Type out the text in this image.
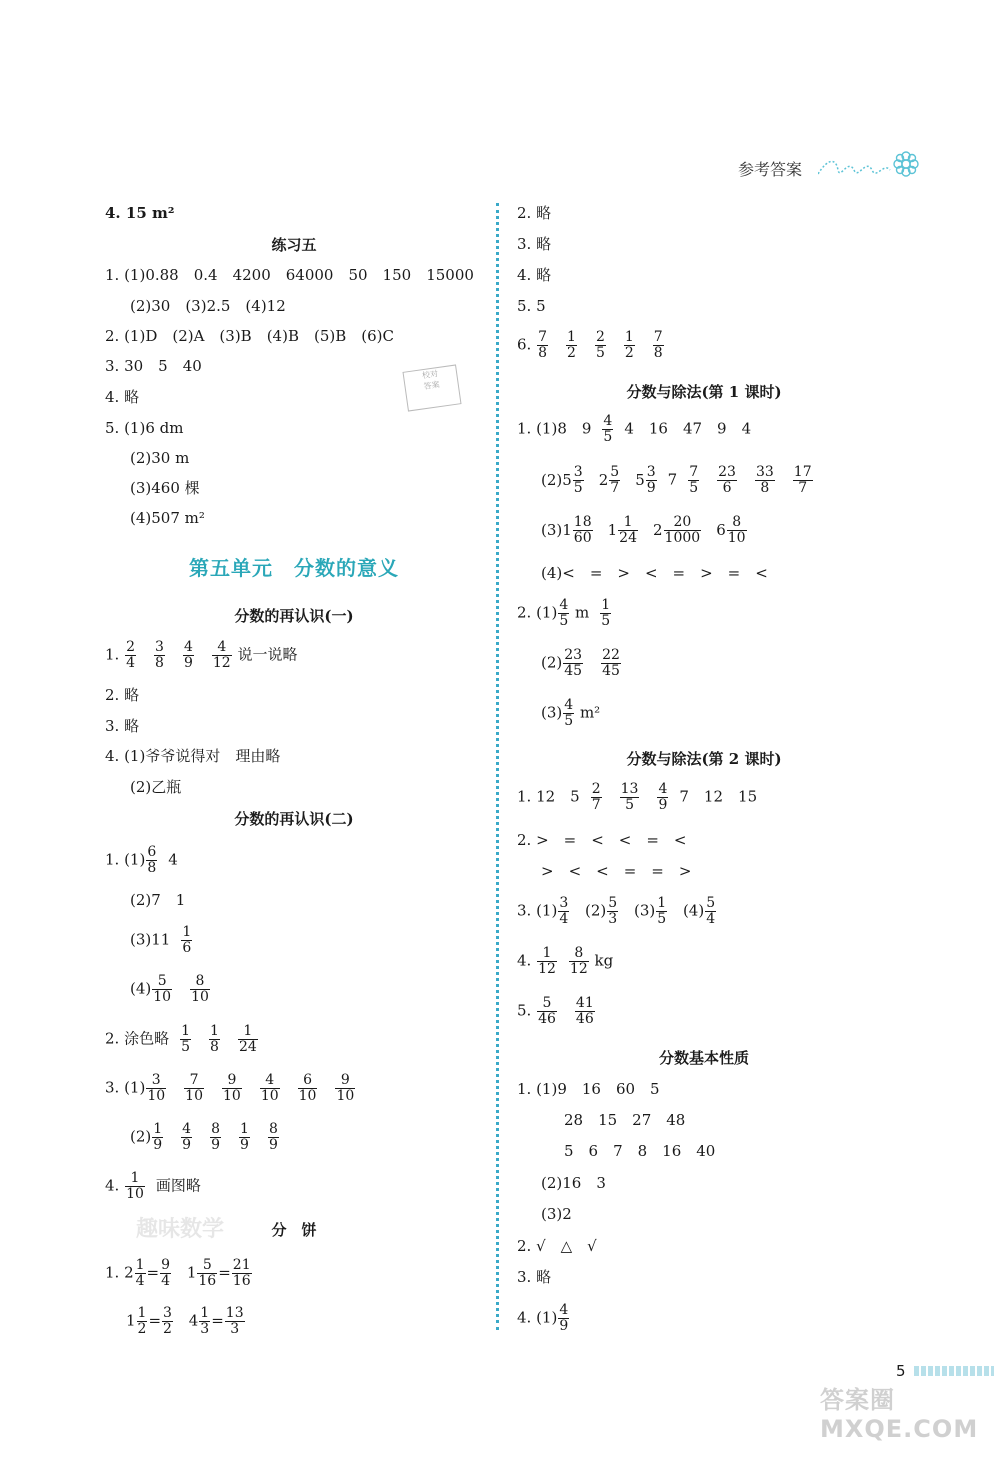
参考答案
4. 15 m²
练习五
1. (1)0.88　0.4　4200　64000　50　150　15000
(2)30　(3)2.5　(4)12
2. (1)D　(2)A　(3)B　(4)B　(5)B　(6)C
3. 30　5　40
4. 略
校对
答案
5. (1)6 dm
(2)30 m
(3)460 棵
(4)507 m²
第五单元　分数的意义
分数的再认识(一)
1. $\frac{2}{4} \frac{3}{8} \frac{4}{9} \frac{4}{12}$ 说一说略
2. 略
3. 略
4. (1)爷爷说得对　理由略
(2)乙瓶
分数的再认识(二)
1. $(1) \frac{6}{8} 4$
(2)7　1
$(3)11 \frac{1}{6}$
$(4) \frac{5}{10} \frac{8}{10}$
2. 涂色略 $\frac{1}{5} \frac{1}{8} \frac{1}{24}$
3. $(1) \frac{3}{10} \frac{7}{10} \frac{9}{10} \frac{4}{10} \frac{6}{10} \frac{9}{10}$
$(2) \frac{1}{9} \frac{4}{9} \frac{8}{9} \frac{1}{9} \frac{8}{9}$
4. $\frac{1}{10}$ 画图略
趣味数学	分　饼
1. $2 \frac{1}{4} = \frac{9}{4} 1 \frac{5}{16} = \frac{21}{16}$
$1 \frac{1}{2} = \frac{3}{2} 4 \frac{1}{3} = \frac{13}{3}$
2. 略
3. 略
4. 略
5. 5
6. $\frac{7}{8} \frac{1}{2} \frac{2}{5} \frac{1}{2} \frac{7}{8}$
分数与除法(第 1 课时)
1. (1)8　$9 \frac{4}{5} 4$　16　47　9　4
$(2)5 \frac{3}{5} 2 \frac{5}{7} 5 \frac{3}{9} 7 \frac{7}{5} \frac{23}{6} \frac{33}{8} \frac{17}{7}$
$(3)1 \frac{18}{60} 1 \frac{1}{24} 2 \frac{20}{1000} 6 \frac{8}{10}$
(4)<　=　>　<　=　>　=　<
2. $(1) \frac{4}{5}$ m $\frac{1}{5}$
$(2) \frac{23}{45} \frac{22}{45}$
$(3) \frac{4}{5} m^2$
分数与除法(第 2 课时)
1. 12　$5 \frac{2}{7} \frac{13}{5} \frac{4}{9} 7$　12　15
2. >　=　<　<　=　<
>　<　<　=　=　>
3. $(1) \frac{3}{4} (2) \frac{5}{3} (3) \frac{1}{5} (4) \frac{5}{4}$
4. $\frac{1}{12} \frac{8}{12}$ kg
5. $\frac{5}{46} \frac{41}{46}$
分数基本性质
1. (1)9　16　60　5
28　15　27　48
5　6　7　8　16　40
(2)16　3
(3)2
2. √　△　√
3. 略
4. $(1) \frac{4}{9}$
5
答案圈
MXQE.COM
